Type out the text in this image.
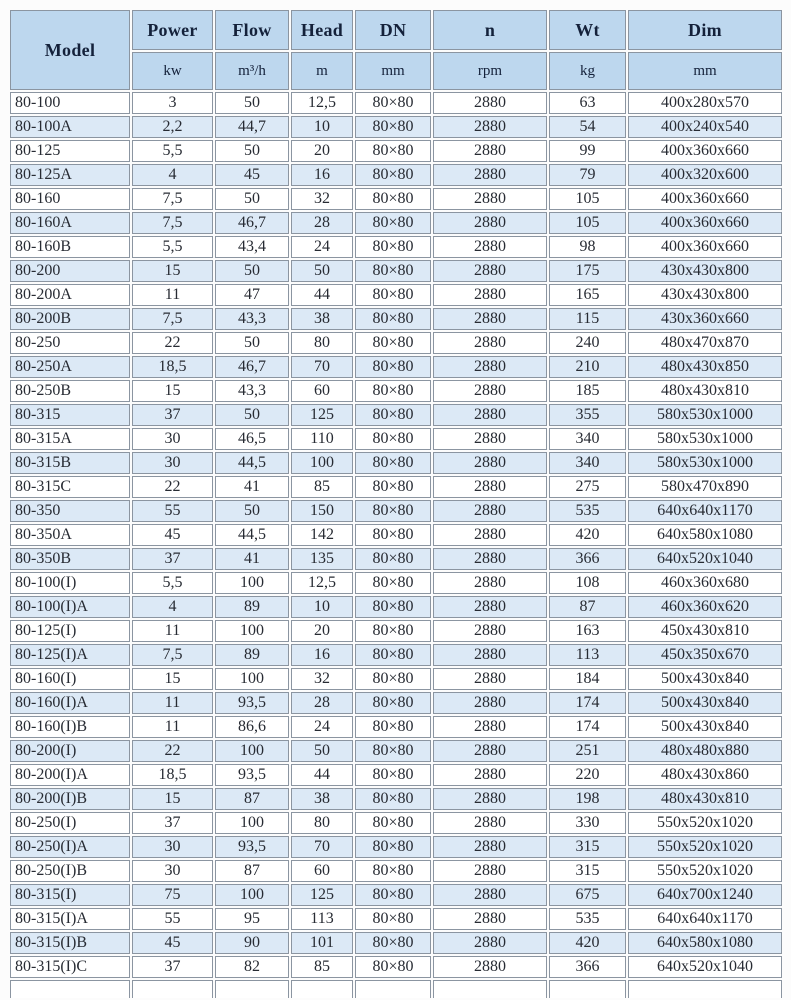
Model	Power	Flow	Head	DN	n	Wt	Dim
	kw	m³/h	m	mm	rpm	kg	mm
80-100	3	50	12,5	80×80	2880	63	400x280x570
80-100A	2,2	44,7	10	80×80	2880	54	400x240x540
80-125	5,5	50	20	80×80	2880	99	400x360x660
80-125A	4	45	16	80×80	2880	79	400x320x600
80-160	7,5	50	32	80×80	2880	105	400x360x660
80-160A	7,5	46,7	28	80×80	2880	105	400x360x660
80-160B	5,5	43,4	24	80×80	2880	98	400x360x660
80-200	15	50	50	80×80	2880	175	430x430x800
80-200A	11	47	44	80×80	2880	165	430x430x800
80-200B	7,5	43,3	38	80×80	2880	115	430x360x660
80-250	22	50	80	80×80	2880	240	480x470x870
80-250A	18,5	46,7	70	80×80	2880	210	480x430x850
80-250B	15	43,3	60	80×80	2880	185	480x430x810
80-315	37	50	125	80×80	2880	355	580x530x1000
80-315A	30	46,5	110	80×80	2880	340	580x530x1000
80-315B	30	44,5	100	80×80	2880	340	580x530x1000
80-315C	22	41	85	80×80	2880	275	580x470x890
80-350	55	50	150	80×80	2880	535	640x640x1170
80-350A	45	44,5	142	80×80	2880	420	640x580x1080
80-350B	37	41	135	80×80	2880	366	640x520x1040
80-100(I)	5,5	100	12,5	80×80	2880	108	460x360x680
80-100(I)A	4	89	10	80×80	2880	87	460x360x620
80-125(I)	11	100	20	80×80	2880	163	450x430x810
80-125(I)A	7,5	89	16	80×80	2880	113	450x350x670
80-160(I)	15	100	32	80×80	2880	184	500x430x840
80-160(I)A	11	93,5	28	80×80	2880	174	500x430x840
80-160(I)B	11	86,6	24	80×80	2880	174	500x430x840
80-200(I)	22	100	50	80×80	2880	251	480x480x880
80-200(I)A	18,5	93,5	44	80×80	2880	220	480x430x860
80-200(I)B	15	87	38	80×80	2880	198	480x430x810
80-250(I)	37	100	80	80×80	2880	330	550x520x1020
80-250(I)A	30	93,5	70	80×80	2880	315	550x520x1020
80-250(I)B	30	87	60	80×80	2880	315	550x520x1020
80-315(I)	75	100	125	80×80	2880	675	640x700x1240
80-315(I)A	55	95	113	80×80	2880	535	640x640x1170
80-315(I)B	45	90	101	80×80	2880	420	640x580x1080
80-315(I)C	37	82	85	80×80	2880	366	640x520x1040
